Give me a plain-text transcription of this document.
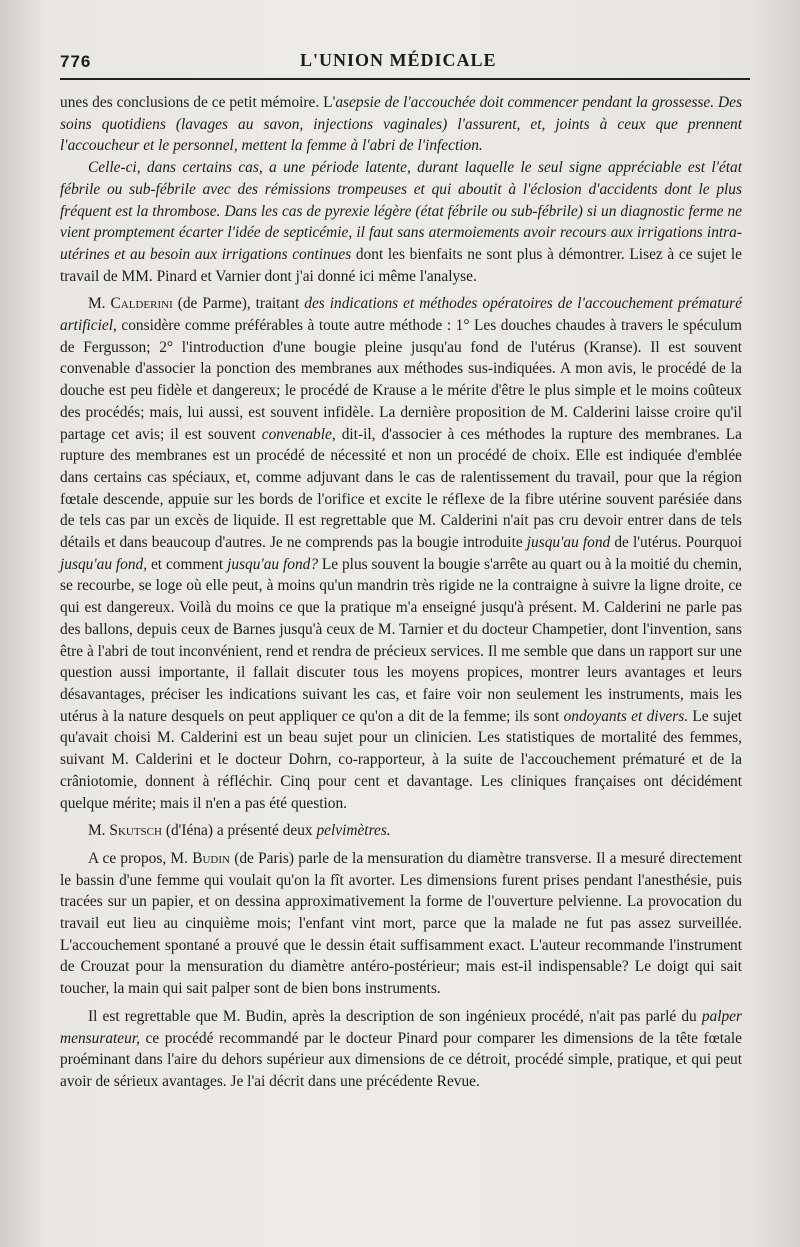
776	L'UNION MÉDICALE

unes des conclusions de ce petit mémoire. L'asepsie de l'accouchée doit commencer pendant la grossesse. Des soins quotidiens (lavages au savon, injections vaginales) l'assurent, et, joints à ceux que prennent l'accoucheur et le personnel, mettent la femme à l'abri de l'infection.

Celle-ci, dans certains cas, a une période latente, durant laquelle le seul signe appréciable est l'état fébrile ou sub-fébrile avec des rémissions trompeuses et qui aboutit à l'éclosion d'accidents dont le plus fréquent est la thrombose. Dans les cas de pyrexie légère (état fébrile ou sub-fébrile) si un diagnostic ferme ne vient promptement écarter l'idée de septicémie, il faut sans atermoiements avoir recours aux irrigations intra-utérines et au besoin aux irrigations continues dont les bienfaits ne sont plus à démontrer. Lisez à ce sujet le travail de MM. Pinard et Varnier dont j'ai donné ici même l'analyse.

M. Calderini (de Parme), traitant des indications et méthodes opératoires de l'accouchement prématuré artificiel, considère comme préférables à toute autre méthode : 1° Les douches chaudes à travers le spéculum de Fergusson; 2° l'introduction d'une bougie pleine jusqu'au fond de l'utérus (Kranse). Il est souvent convenable d'associer la ponction des membranes aux méthodes sus-indiquées. A mon avis, le procédé de la douche est peu fidèle et dangereux; le procédé de Krause a le mérite d'être le plus simple et le moins coûteux des procédés; mais, lui aussi, est souvent infidèle. La dernière proposition de M. Calderini laisse croire qu'il partage cet avis; il est souvent convenable, dit-il, d'associer à ces méthodes la rupture des membranes. La rupture des membranes est un procédé de nécessité et non un procédé de choix. Elle est indiquée d'emblée dans certains cas spéciaux, et, comme adjuvant dans le cas de ralentissement du travail, pour que la région fœtale descende, appuie sur les bords de l'orifice et excite le réflexe de la fibre utérine souvent parésiée dans de tels cas par un excès de liquide. Il est regrettable que M. Calderini n'ait pas cru devoir entrer dans de tels détails et dans beaucoup d'autres. Je ne comprends pas la bougie introduite jusqu'au fond de l'utérus. Pourquoi jusqu'au fond, et comment jusqu'au fond? Le plus souvent la bougie s'arrête au quart ou à la moitié du chemin, se recourbe, se loge où elle peut, à moins qu'un mandrin très rigide ne la contraigne à suivre la ligne droite, ce qui est dangereux. Voilà du moins ce que la pratique m'a enseigné jusqu'à présent. M. Calderini ne parle pas des ballons, depuis ceux de Barnes jusqu'à ceux de M. Tarnier et du docteur Champetier, dont l'invention, sans être à l'abri de tout inconvénient, rend et rendra de précieux services. Il me semble que dans un rapport sur une question aussi importante, il fallait discuter tous les moyens propices, montrer leurs avantages et leurs désavantages, préciser les indications suivant les cas, et faire voir non seulement les instruments, mais les utérus à la nature desquels on peut appliquer ce qu'on a dit de la femme; ils sont ondoyants et divers. Le sujet qu'avait choisi M. Calderini est un beau sujet pour un clinicien. Les statistiques de mortalité des femmes, suivant M. Calderini et le docteur Dohrn, co-rapporteur, à la suite de l'accouchement prématuré et de la crâniotomie, donnent à réfléchir. Cinq pour cent et davantage. Les cliniques françaises ont décidément quelque mérite; mais il n'en a pas été question.

M. Skutsch (d'Iéna) a présenté deux pelvimètres.

A ce propos, M. Budin (de Paris) parle de la mensuration du diamètre transverse. Il a mesuré directement le bassin d'une femme qui voulait qu'on la fît avorter. Les dimensions furent prises pendant l'anesthésie, puis tracées sur un papier, et on dessina approximativement la forme de l'ouverture pelvienne. La provocation du travail eut lieu au cinquième mois; l'enfant vint mort, parce que la malade ne fut pas assez surveillée. L'accouchement spontané a prouvé que le dessin était suffisamment exact. L'auteur recommande l'instrument de Crouzat pour la mensuration du diamètre antéro-postérieur; mais est-il indispensable? Le doigt qui sait toucher, la main qui sait palper sont de bien bons instruments.

Il est regrettable que M. Budin, après la description de son ingénieux procédé, n'ait pas parlé du palper mensurateur, ce procédé recommandé par le docteur Pinard pour comparer les dimensions de la tête fœtale proéminant dans l'aire du dehors supérieur aux dimensions de ce détroit, procédé simple, pratique, et qui peut avoir de sérieux avantages. Je l'ai décrit dans une précédente Revue.
